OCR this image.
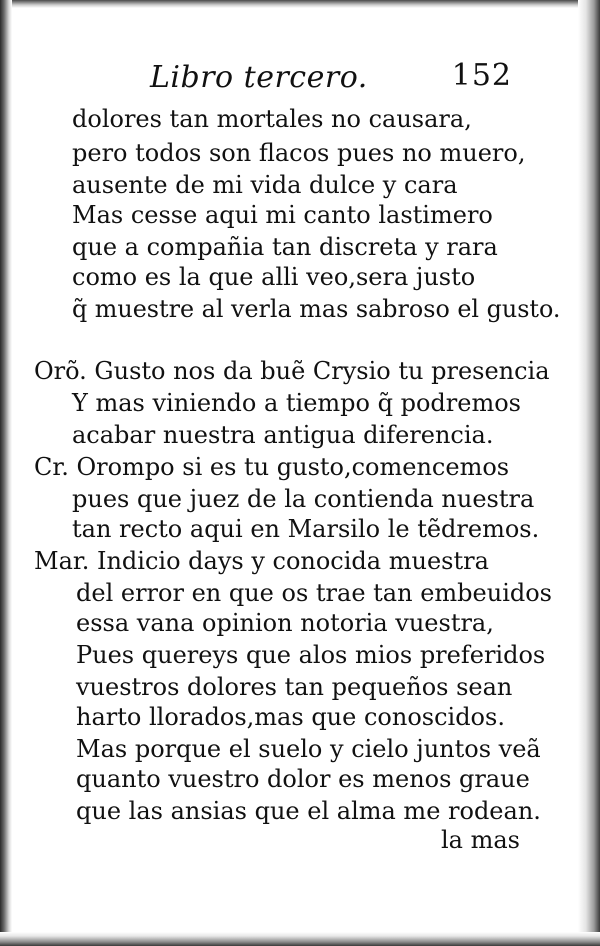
Libro tercero.	152
dolores tan mortales no causara,
pero todos son flacos pues no muero,
ausente de mi vida dulce y cara
Mas cesse aqui mi canto lastimero
que a compañia tan discreta y rara
como es la que alli veo,sera justo
q̃ muestre al verla mas sabroso el gusto.
Orõ. Gusto nos da buẽ Crysio tu presencia
Y mas viniendo a tiempo q̃ podremos
acabar nuestra antigua diferencia.
Cr. Orompo si es tu gusto,comencemos
pues que juez de la contienda nuestra
tan recto aqui en Marsilo le tẽdremos.
Mar. Indicio days y conocida muestra
del error en que os trae tan embeuidos
essa vana opinion notoria vuestra,
Pues quereys que alos mios preferidos
vuestros dolores tan pequeños sean
harto llorados,mas que conoscidos.
Mas porque el suelo y cielo juntos veã
quanto vuestro dolor es menos graue
que las ansias que el alma me rodean.
la mas
